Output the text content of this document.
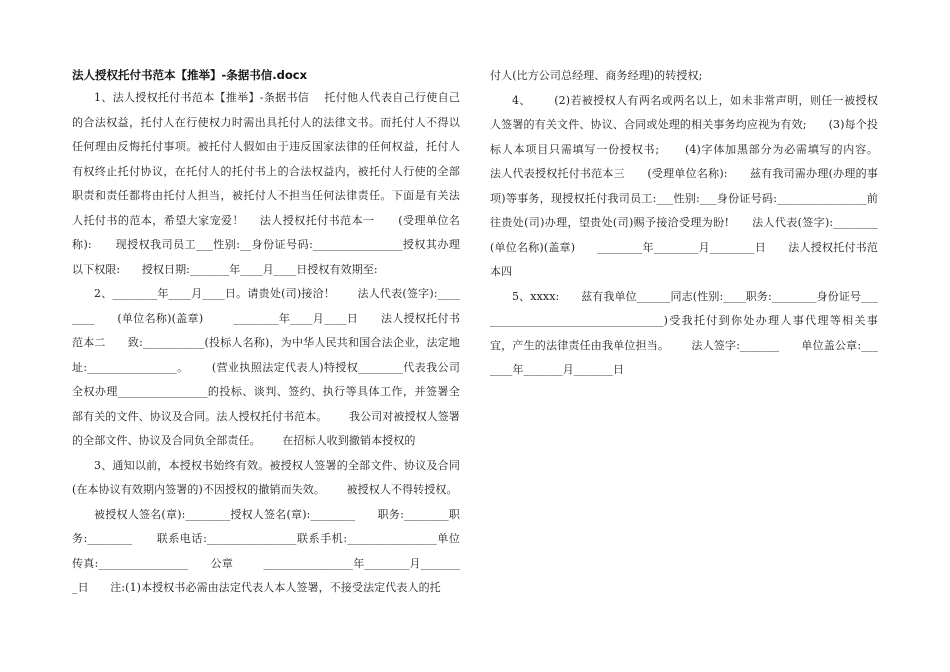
法人授权托付书范本【推举】-条据书信.docx

1、法人授权托付书范本【推举】-条据书信    托付他人代表自己行使自己的合法权益，托付人在行使权力时需出具托付人的法律文书。而托付人不得以任何理由反悔托付事项。被托付人假如由于违反国家法律的任何权益，托付人有权终止托付协议，在托付人的托付书上的合法权益内，被托付人行使的全部职责和责任都将由托付人担当，被托付人不担当任何法律责任。下面是有关法人托付书的范本，希望大家宠爱！    法人授权托付书范本一      (受理单位名称):      现授权我司员工___性别:__身份证号码:________________授权其办理以下权限:      授权日期:_______年____月____日授权有效期至:

2、________年____月____日。请贵处(司)接洽！      法人代表(签字):________      (单位名称)(盖章)        ________年____月____日      法人授权托付书范本二      致:___________(投标人名称)，为中华人民共和国合法企业，法定地址:________________。      (营业执照法定代表人)特授权________代表我公司全权办理________________的投标、谈判、签约、执行等具体工作，并签署全部有关的文件、协议及合同。法人授权托付书范本。      我公司对被授权人签署的全部文件、协议及合同负全部责任。      在招标人收到撤销本授权的

3、通知以前，本授权书始终有效。被授权人签署的全部文件、协议及合同(在本协议有效期内签署的)不因授权的撤销而失效。      被授权人不得转授权。

被授权人签名(章):________授权人签名(章):________      职务:________职务:________      联系电话:________________联系手机:________________单位传真:________________      公章        ________________年________月________日      注:(1)本授权书必需由法定代表人本人签署，不接受法定代表人的托

付人(比方公司总经理、商务经理)的转授权;

4、      (2)若被授权人有两名或两名以上，如未非常声明，则任一被授权人签署的有关文件、协议、合同或处理的相关事务均应视为有效;      (3)每个投标人本项目只需填写一份授权书;      (4)字体加黑部分为必需填写的内容。      法人代表授权托付书范本三      (受理单位名称):      兹有我司需办理(办理的事项)等事务，现授权托付我司员工:___性别:___身份证号码:________________前往贵处(司)办理，望贵处(司)赐予接洽受理为盼!      法人代表(签字):________      (单位名称)(盖章)      ________年________月________日      法人授权托付书范本四

5、xxxx:      兹有我单位______同志(性别:____职务:________身份证号__________________________________)受我托付到你处办理人事代理等相关事宜，产生的法律责任由我单位担当。      法人签字:_______      单位盖公章:_______年_______月_______日
